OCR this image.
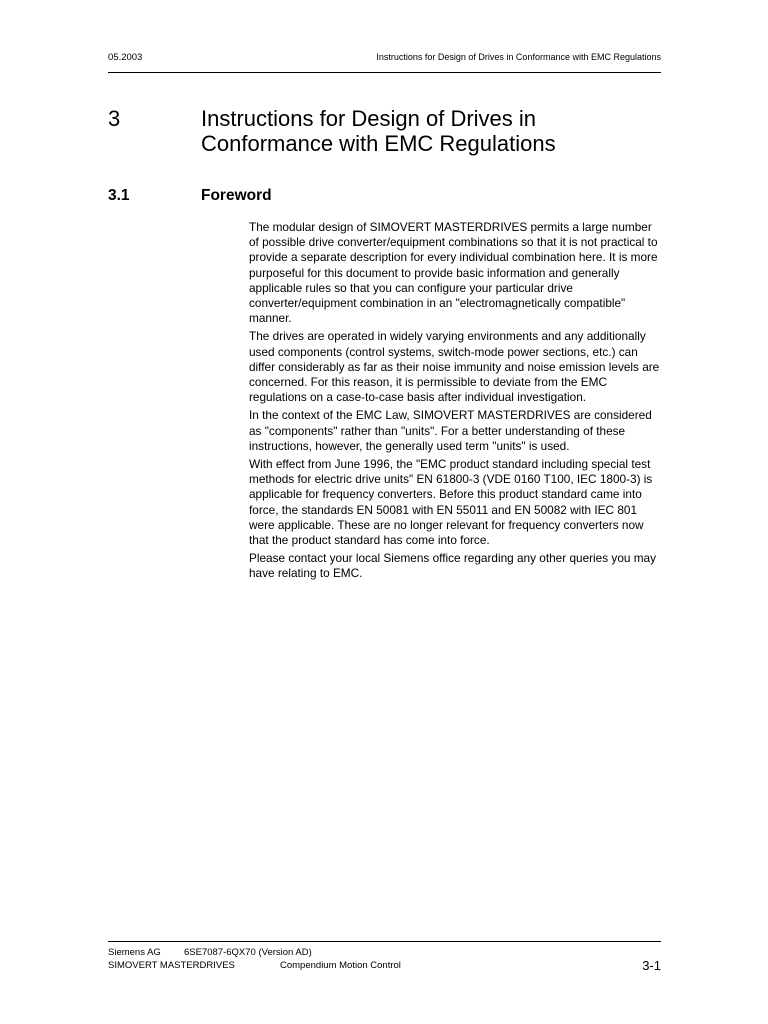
05.2003	Instructions for Design of Drives in Conformance with EMC Regulations
3	Instructions for Design of Drives in
Conformance with EMC Regulations
3.1	Foreword

The modular design of SIMOVERT MASTERDRIVES permits a large number of possible drive converter/equipment combinations so that it is not practical to provide a separate description for every individual combination here. It is more purposeful for this document to provide basic information and generally applicable rules so that you can configure your particular drive converter/equipment combination in an "electromagnetically compatible" manner.

The drives are operated in widely varying environments and any additionally used components (control systems, switch-mode power sections, etc.) can differ considerably as far as their noise immunity and noise emission levels are concerned. For this reason, it is permissible to deviate from the EMC regulations on a case-to-case basis after individual investigation.

In the context of the EMC Law, SIMOVERT MASTERDRIVES are considered as "components" rather than "units". For a better understanding of these instructions, however, the generally used term "units" is used.

With effect from June 1996, the "EMC product standard including special test methods for electric drive units" EN 61800-3 (VDE 0160 T100, IEC 1800-3) is applicable for frequency converters. Before this product standard came into force, the standards EN 50081 with EN 55011 and EN 50082 with IEC 801 were applicable. These are no longer relevant for frequency converters now that the product standard has come into force.

Please contact your local Siemens office regarding any other queries you may have relating to EMC.

Siemens AG 6SE7087-6QX70 (Version AD)
SIMOVERT MASTERDRIVES	Compendium Motion Control	3-1
